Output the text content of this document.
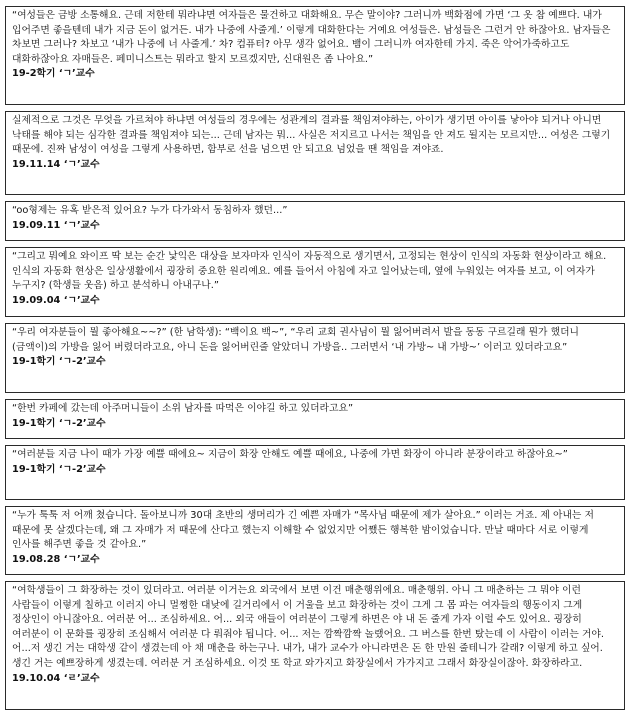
“여성들은 금방 소통해요. 근데 저한테 뭐라냐면 여자들은 물건하고 대화해요. 무슨 말이야? 그러니까 백화점에 가면 ‘그 옷 참 예쁘다. 내가 입어주면 좋을텐데 내가 지금 돈이 없거든. 내가 나중에 사줄게.’ 이렇게 대화한다는 거예요 여성들은. 남성들은 그런거 안 하잖아요. 남자들은 차보면 그러나? 차보고 ‘내가 나중에 너 사줄게.’ 차? 컴퓨터? 아무 생각 없어요. 뱀이 그러니까 여자한테 가지. 죽은 악어가죽하고도 대화하잖아요 자매들은. 페미니스트는 뭐라고 할지 모르겠지만, 신대원은 좀 나아요.”

19-2학기 ‘ㄱ’교수

실제적으로 그것은 무엇을 가르쳐야 하냐면 여성들의 경우에는 성관계의 결과를 책임져야하는, 아이가 생기면 아이를 낳아야 되거나 아니면 낙태를 해야 되는 심각한 결과를 책임져야 되는... 근데 남자는 뭐... 사실은 저지르고 나서는 책임을 안 져도 될지는 모르지만... 여성은 그렇기 때문에. 진짜 남성이 여성을 그렇게 사용하면, 함부로 선을 넘으면 안 되고요 넘었을 땐 책임을 져야죠.

19.11.14 ‘ㄱ’교수

“oo형제는 유혹 받은적 있어요? 누가 다가와서 동침하자 했던...”

19.09.11 ‘ㄱ’교수

“그리고 뭐예요 와이프 딱 보는 순간 낯익은 대상을 보자마자 인식이 자동적으로 생기면서, 고정되는 현상이 인식의 자동화 현상이라고 해요. 인식의 자동화 현상은 일상생활에서 굉장히 중요한 원리예요. 예를 들어서 아침에 자고 일어났는데, 옆에 누워있는 여자를 보고, 이 여자가 누구지? (학생들 웃음) 하고 분석하니 아내구나.”

19.09.04 ‘ㄱ’교수

“우리 여자분들이 뭘 좋아해요~~?” (한 남학생): “백이요 백~”, “우리 교회 권사님이 뭘 잃어버려서 발을 동동 구르길래 뭔가 했더니 (금액이)의 가방을 잃어 버렸더라고요, 아니 돈을 잃어버린줄 알았더니 가방을.. 그러면서 ‘내 가방~ 내 가방~’ 이러고 있더라고요”

19-1학기 ‘ㄱ-2’교수

“한번 카페에 갔는데 아주머니들이 소위 남자를 따먹은 이야길 하고 있더라고요”

19-1학기 ‘ㄱ-2’교수

“여러분들 지금 나이 때가 가장 예쁠 때에요~ 지금이 화장 안해도 예쁠 때에요, 나중에 가면 화장이 아니라 분장이라고 하잖아요~”

19-1학기 ‘ㄱ-2’교수

“누가 툭툭 저 어깨 쳤습니다. 돌아보니까 30대 초반의 생머리가 긴 예쁜 자매가 “목사님 때문에 제가 살아요.” 이러는 거죠. 제 아내는 저 때문에 못 살겠다는데, 왜 그 자매가 저 때문에 산다고 했는지 이해할 수 없었지만 어쨌든 행복한 밤이었습니다. 만날 때마다 서로 이렇게 인사를 해주면 좋을 것 같아요.”

19.08.28 ‘ㄱ’교수

“여학생들이 그 화장하는 것이 있더라고. 여러분 이거는요 외국에서 보면 이건 매춘행위에요. 매춘행위. 아니 그 매춘하는 그 뭐야 이런 사람들이 이렇게 칠하고 이러지 아니 멀쩡한 대낮에 길거리에서 이 거울을 보고 화장하는 것이 그게 그 몸 파는 여자들의 행동이지 그게 정상인이 아니잖아요. 여러분 어... 조심하세요. 어... 외국 애들이 여러분이 그렇게 하면은 야 내 돈 줄게 가자 이럴 수도 있어요. 굉장히 여러분이 이 문화를 굉장히 조심해서 여러분 다 뤄줘야 됩니다. 어... 저는 깜짝깜짝 놀랬어요. 그 버스를 한번 탔는데 이 사람이 이러는 거야. 어...저 생긴 거는 대학생 같이 생겼는데 아 채 매춘을 하는구나. 내가, 내가 교수가 아니라면은 돈 한 만원 줄테니가 갈래? 이렇게 하고 싶어. 생긴 거는 예쁘장하게 생겼는데. 여러분 거 조심하세요. 이것 또 학교 와가지고 화장실에서 가가지고 그래서 화장실이잖아. 화장하라고.

19.10.04 ‘ㄹ’교수
